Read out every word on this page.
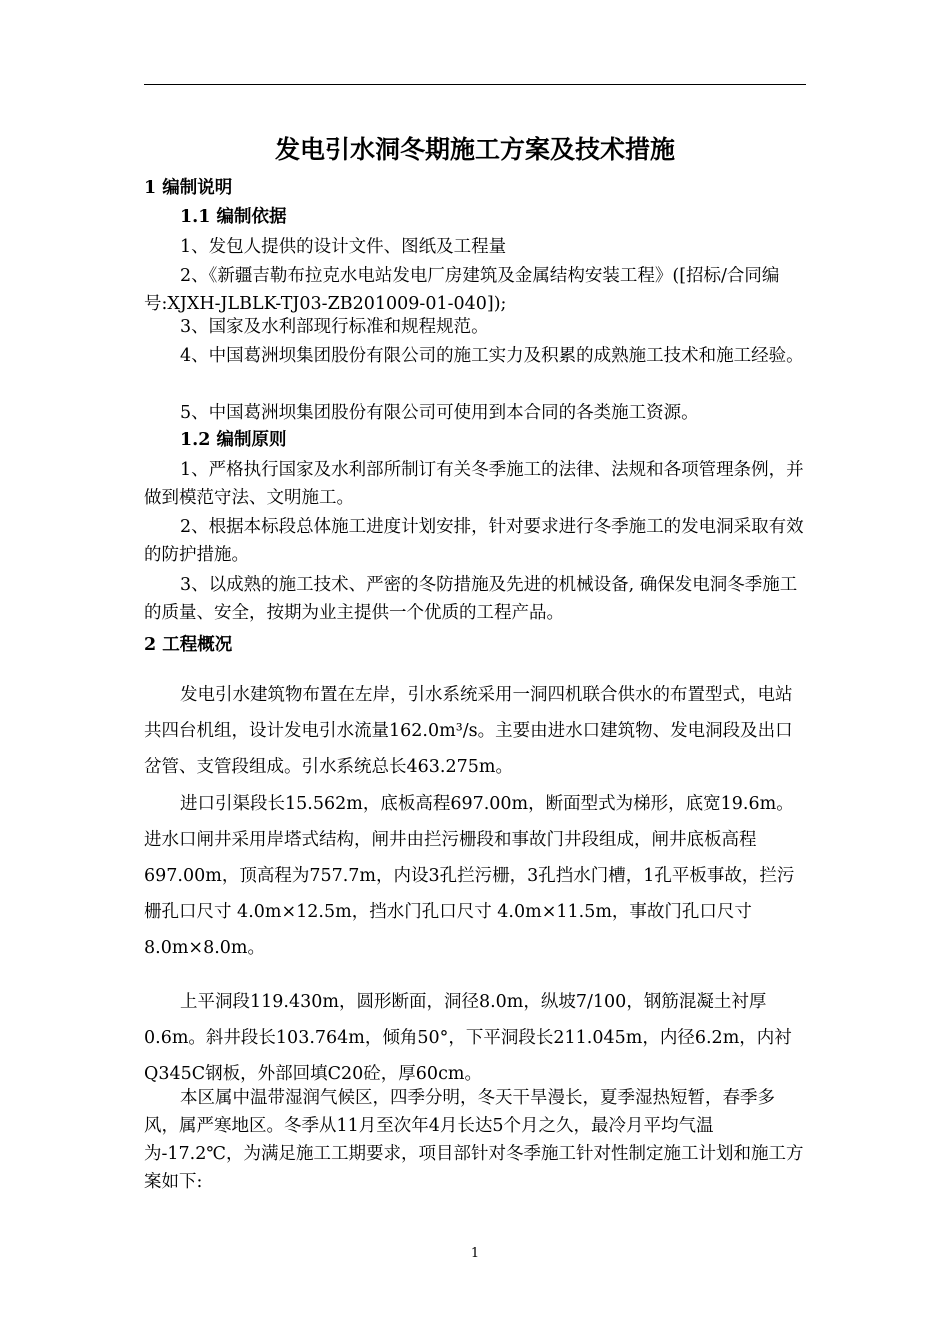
发电引水洞冬期施工方案及技术措施
1 编制说明
1.1 编制依据
1、发包人提供的设计文件、图纸及工程量
2、《新疆吉勒布拉克水电站发电厂房建筑及金属结构安装工程》([招标/合同编号:XJXH-JLBLK-TJ03-ZB201009-01-040]);
3、国家及水利部现行标准和规程规范。
4、中国葛洲坝集团股份有限公司的施工实力及积累的成熟施工技术和施工经验。
5、中国葛洲坝集团股份有限公司可使用到本合同的各类施工资源。
1.2 编制原则
1、严格执行国家及水利部所制订有关冬季施工的法律、法规和各项管理条例，并做到模范守法、文明施工。
2、根据本标段总体施工进度计划安排，针对要求进行冬季施工的发电洞采取有效的防护措施。
3、以成熟的施工技术、严密的冬防措施及先进的机械设备, 确保发电洞冬季施工的质量、安全，按期为业主提供一个优质的工程产品。
2 工程概况
发电引水建筑物布置在左岸，引水系统采用一洞四机联合供水的布置型式，电站共四台机组，设计发电引水流量162.0m³/s。主要由进水口建筑物、发电洞段及出口岔管、支管段组成。引水系统总长463.275m。
进口引渠段长15.562m，底板高程697.00m，断面型式为梯形，底宽19.6m。进水口闸井采用岸塔式结构，闸井由拦污栅段和事故门井段组成，闸井底板高程697.00m，顶高程为757.7m，内设3孔拦污栅，3孔挡水门槽，1孔平板事故，拦污栅孔口尺寸 4.0m×12.5m，挡水门孔口尺寸 4.0m×11.5m，事故门孔口尺寸8.0m×8.0m。
上平洞段119.430m，圆形断面，洞径8.0m，纵坡7/100，钢筋混凝土衬厚0.6m。斜井段长103.764m，倾角50°，下平洞段长211.045m，内径6.2m，内衬Q345C钢板，外部回填C20砼，厚60cm。
本区属中温带湿润气候区，四季分明，冬天干旱漫长，夏季湿热短暂，春季多风，属严寒地区。冬季从11月至次年4月长达5个月之久，最冷月平均气温为-17.2℃，为满足施工工期要求，项目部针对冬季施工针对性制定施工计划和施工方案如下:
1
